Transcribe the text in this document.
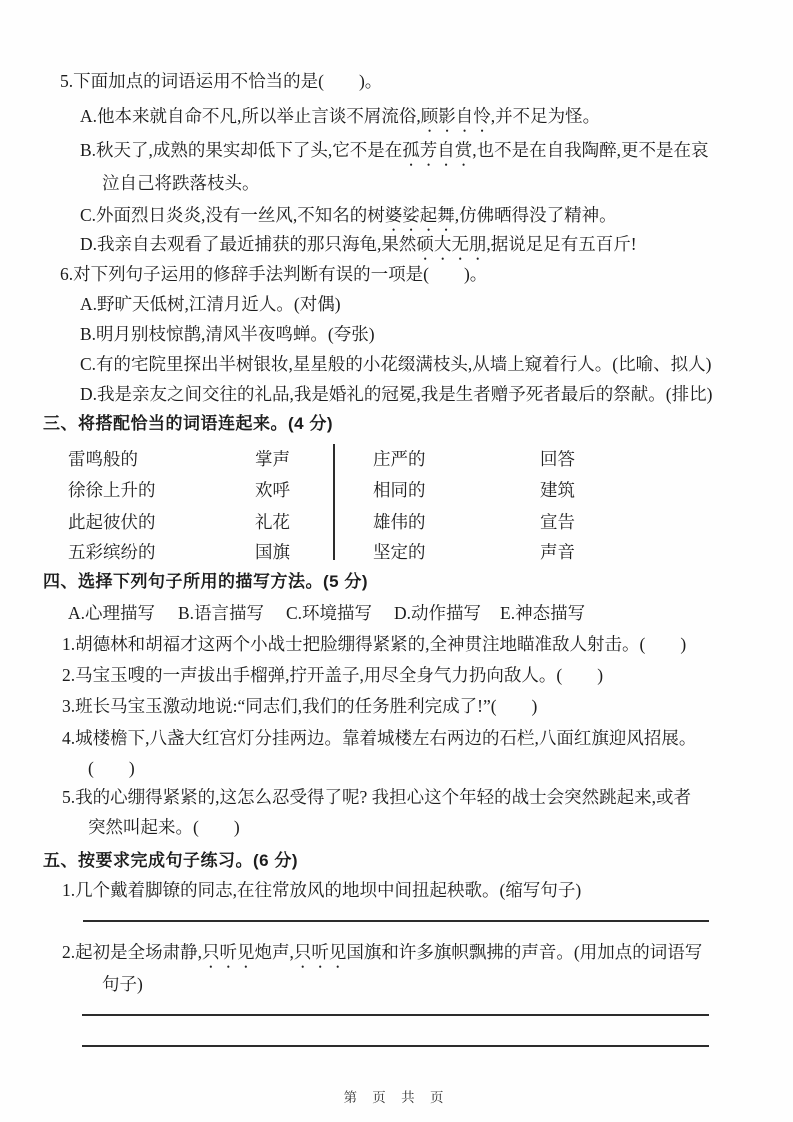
5.下面加点的词语运用不恰当的是(　　)。
A.他本来就自命不凡,所以举止言谈不屑流俗,顾影自怜,并不足为怪。
B.秋天了,成熟的果实却低下了头,它不是在孤芳自赏,也不是在自我陶醉,更不是在哀
泣自己将跌落枝头。
C.外面烈日炎炎,没有一丝风,不知名的树婆娑起舞,仿佛晒得没了精神。
D.我亲自去观看了最近捕获的那只海龟,果然硕大无朋,据说足足有五百斤!
6.对下列句子运用的修辞手法判断有误的一项是(　　)。
A.野旷天低树,江清月近人。(对偶)
B.明月别枝惊鹊,清风半夜鸣蝉。(夸张)
C.有的宅院里探出半树银妆,星星般的小花缀满枝头,从墙上窥着行人。(比喻、拟人)
D.我是亲友之间交往的礼品,我是婚礼的冠冕,我是生者赠予死者最后的祭献。(排比)
三、将搭配恰当的词语连起来。(4 分)
雷鸣般的
徐徐上升的
此起彼伏的
五彩缤纷的
掌声
欢呼
礼花
国旗
庄严的
相同的
雄伟的
坚定的
回答
建筑
宣告
声音
四、选择下列句子所用的描写方法。(5 分)
A.心理描写 B.语言描写 C.环境描写 D.动作描写 E.神态描写
1.胡德林和胡福才这两个小战士把脸绷得紧紧的,全神贯注地瞄准敌人射击。(　　)
2.马宝玉嗖的一声拔出手榴弹,拧开盖子,用尽全身气力扔向敌人。(　　)
3.班长马宝玉激动地说:“同志们,我们的任务胜利完成了!”(　　)
4.城楼檐下,八盏大红宫灯分挂两边。靠着城楼左右两边的石栏,八面红旗迎风招展。
(　　)
5.我的心绷得紧紧的,这怎么忍受得了呢? 我担心这个年轻的战士会突然跳起来,或者
突然叫起来。(　　)
五、按要求完成句子练习。(6 分)
1.几个戴着脚镣的同志,在往常放风的地坝中间扭起秧歌。(缩写句子)
2.起初是全场肃静,只听见炮声,只听见国旗和许多旗帜飘拂的声音。(用加点的词语写
句子)
第 页 共 页
